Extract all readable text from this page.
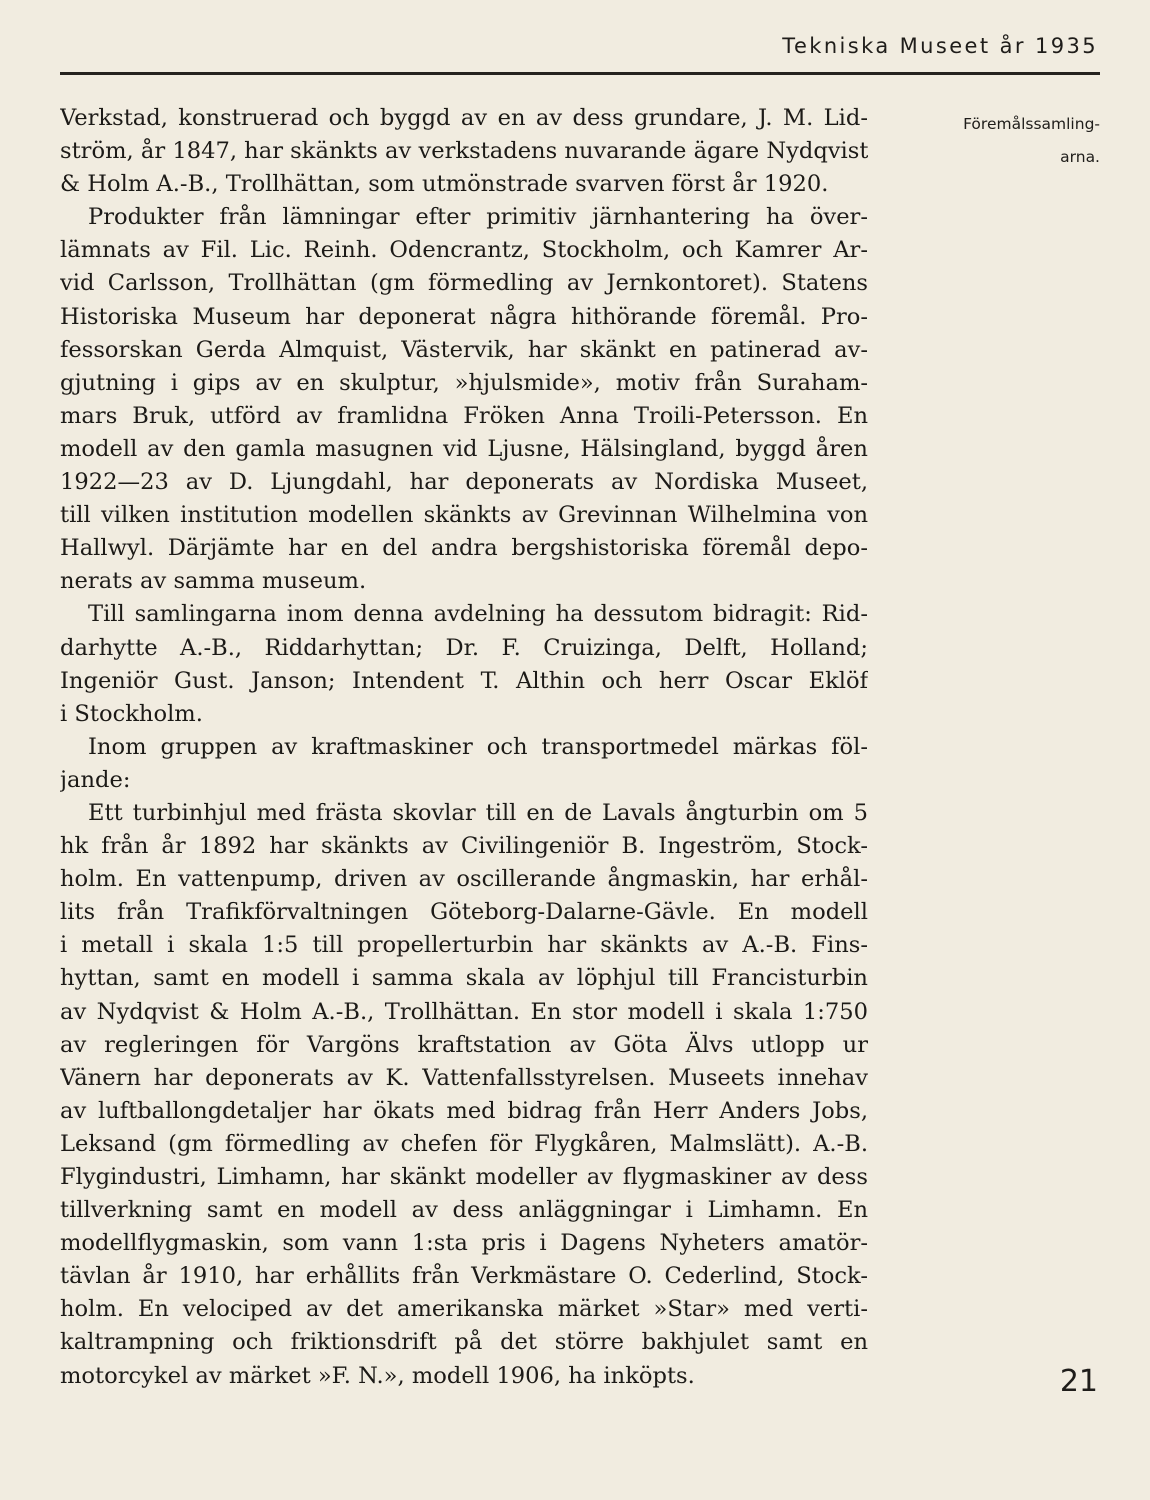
Tekniska Museet år 1935
Föremålssamling-
arna.
Verkstad, konstruerad och byggd av en av dess grundare, J. M. Lid-
ström, år 1847, har skänkts av verkstadens nuvarande ägare Nydqvist
& Holm A.-B., Trollhättan, som utmönstrade svarven först år 1920.
Produkter från lämningar efter primitiv järnhantering ha över-
lämnats av Fil. Lic. Reinh. Odencrantz, Stockholm, och Kamrer Ar-
vid Carlsson, Trollhättan (gm förmedling av Jernkontoret). Statens
Historiska Museum har deponerat några hithörande föremål. Pro-
fessorskan Gerda Almquist, Västervik, har skänkt en patinerad av-
gjutning i gips av en skulptur, »hjulsmide», motiv från Suraham-
mars Bruk, utförd av framlidna Fröken Anna Troili-Petersson. En
modell av den gamla masugnen vid Ljusne, Hälsingland, byggd åren
1922—23 av D. Ljungdahl, har deponerats av Nordiska Museet,
till vilken institution modellen skänkts av Grevinnan Wilhelmina von
Hallwyl. Därjämte har en del andra bergshistoriska föremål depo-
nerats av samma museum.
Till samlingarna inom denna avdelning ha dessutom bidragit: Rid-
darhytte A.-B., Riddarhyttan; Dr. F. Cruizinga, Delft, Holland;
Ingeniör Gust. Janson; Intendent T. Althin och herr Oscar Eklöf
i Stockholm.
Inom gruppen av kraftmaskiner och transportmedel märkas föl-
jande:
Ett turbinhjul med frästa skovlar till en de Lavals ångturbin om 5
hk från år 1892 har skänkts av Civilingeniör B. Ingeström, Stock-
holm. En vattenpump, driven av oscillerande ångmaskin, har erhål-
lits från Trafikförvaltningen Göteborg-Dalarne-Gävle. En modell
i metall i skala 1:5 till propellerturbin har skänkts av A.-B. Fins-
hyttan, samt en modell i samma skala av löphjul till Francisturbin
av Nydqvist & Holm A.-B., Trollhättan. En stor modell i skala 1:750
av regleringen för Vargöns kraftstation av Göta Älvs utlopp ur
Vänern har deponerats av K. Vattenfallsstyrelsen. Museets innehav
av luftballongdetaljer har ökats med bidrag från Herr Anders Jobs,
Leksand (gm förmedling av chefen för Flygkåren, Malmslätt). A.-B.
Flygindustri, Limhamn, har skänkt modeller av flygmaskiner av dess
tillverkning samt en modell av dess anläggningar i Limhamn. En
modellflygmaskin, som vann 1:sta pris i Dagens Nyheters amatör-
tävlan år 1910, har erhållits från Verkmästare O. Cederlind, Stock-
holm. En velociped av det amerikanska märket »Star» med verti-
kaltrampning och friktionsdrift på det större bakhjulet samt en
motorcykel av märket »F. N.», modell 1906, ha inköpts.	21
